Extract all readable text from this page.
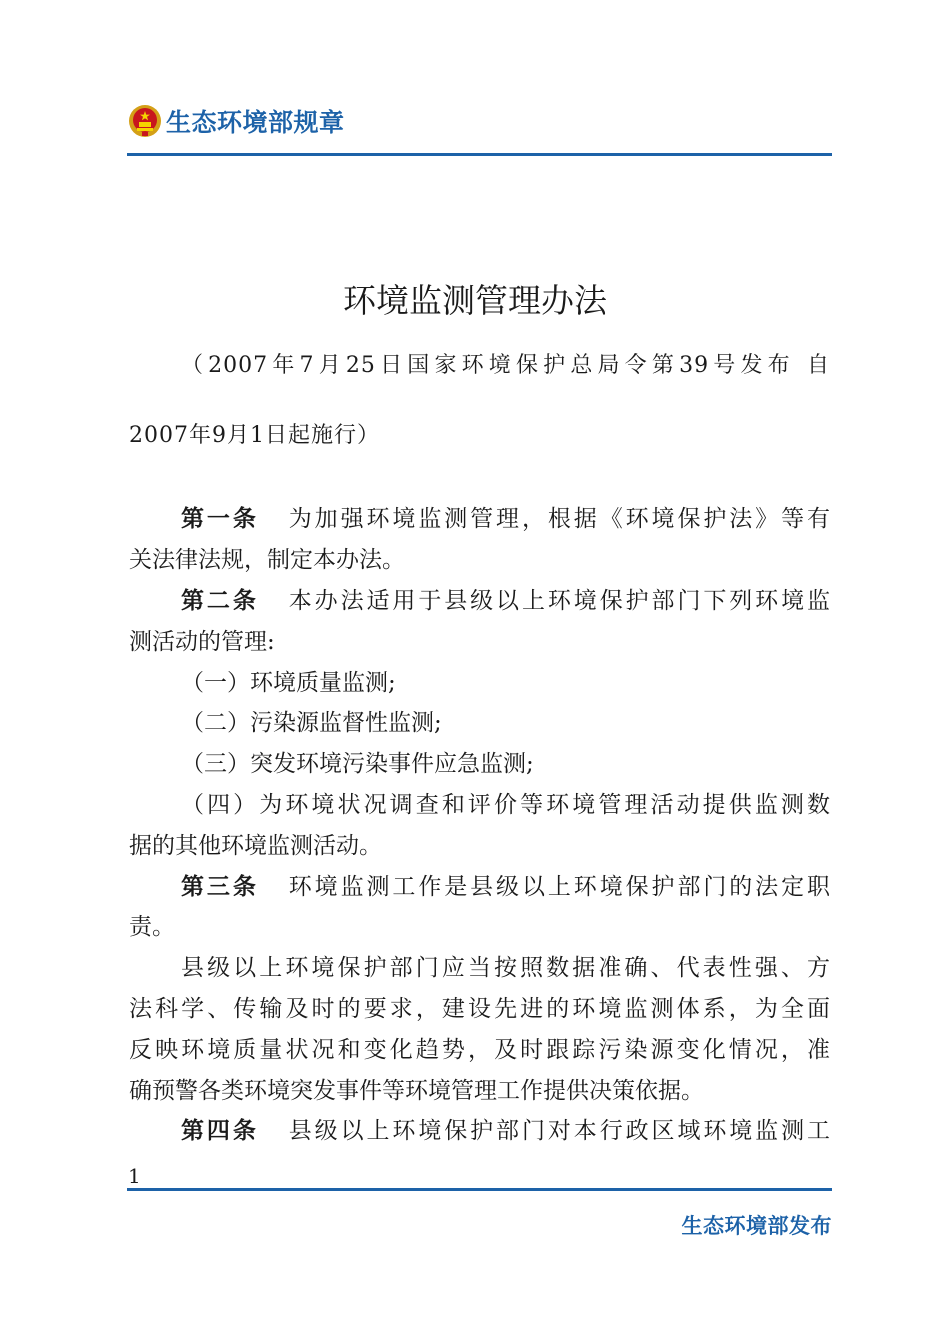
生态环境部规章
环境监测管理办法
（2007年7月25日国家环境保护总局令第39号发布 自
2007年9月1日起施行）
第一条 为加强环境监测管理，根据《环境保护法》等有
关法律法规，制定本办法。
第二条 本办法适用于县级以上环境保护部门下列环境监
测活动的管理:
（一）环境质量监测;
（二）污染源监督性监测;
（三）突发环境污染事件应急监测;
（四）为环境状况调查和评价等环境管理活动提供监测数
据的其他环境监测活动。
第三条 环境监测工作是县级以上环境保护部门的法定职
责。
县级以上环境保护部门应当按照数据准确、代表性强、方
法科学、传输及时的要求，建设先进的环境监测体系，为全面
反映环境质量状况和变化趋势，及时跟踪污染源变化情况，准
确预警各类环境突发事件等环境管理工作提供决策依据。
第四条 县级以上环境保护部门对本行政区域环境监测工
1
生态环境部发布
